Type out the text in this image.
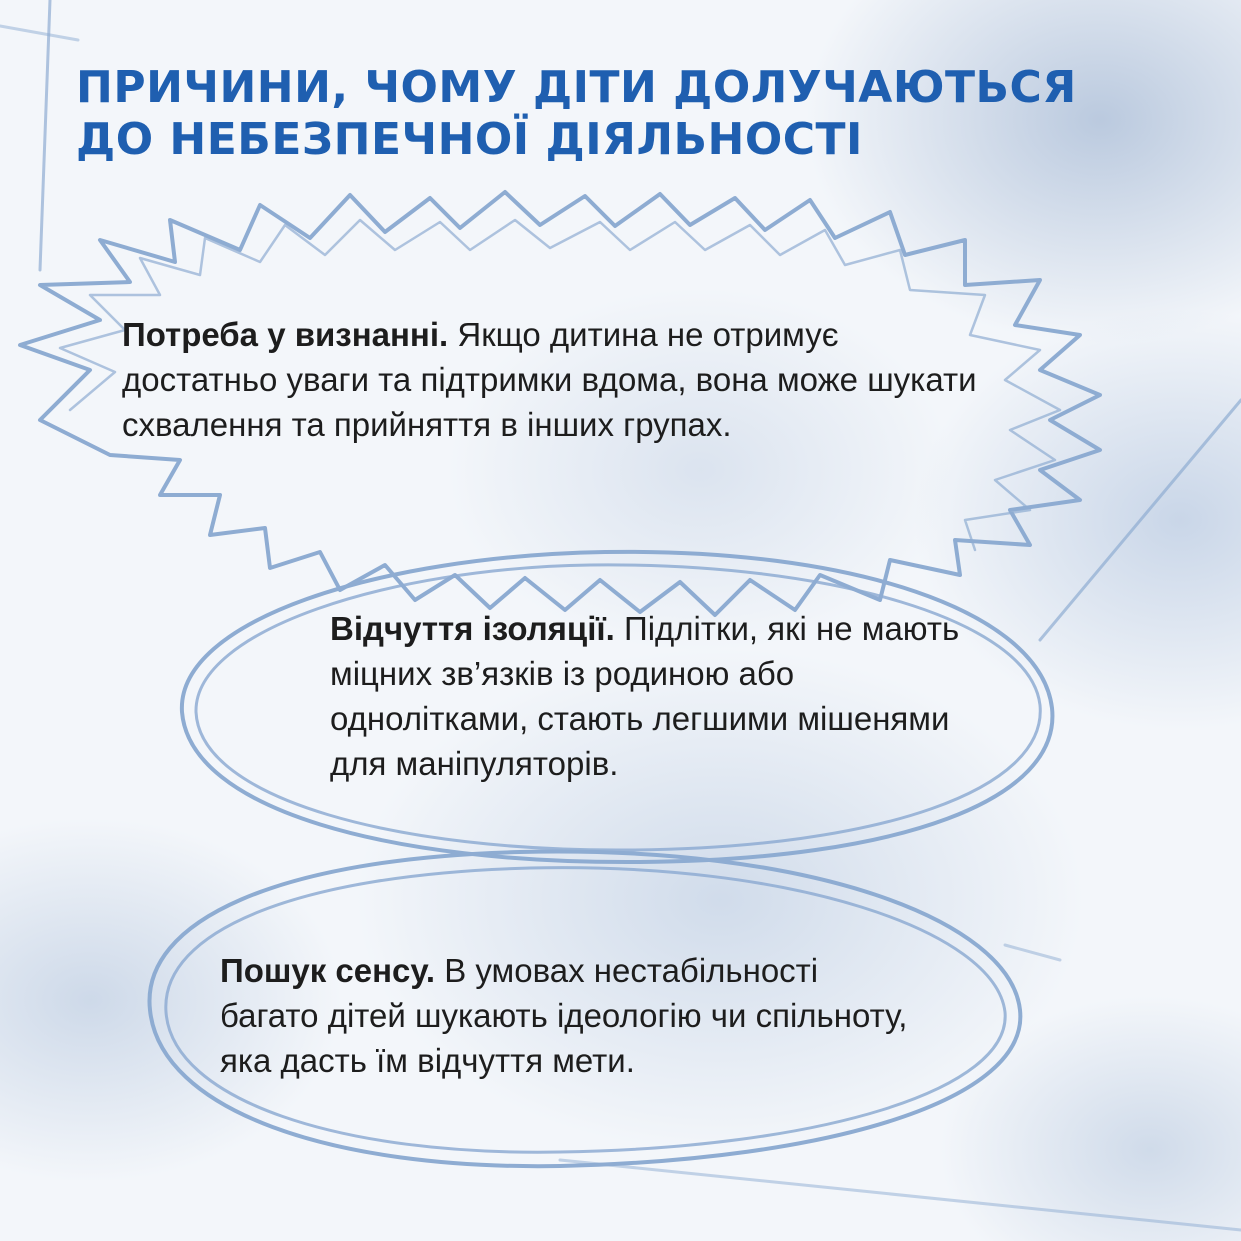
ПРИЧИНИ, ЧОМУ ДІТИ ДОЛУЧАЮТЬСЯ
ДО НЕБЕЗПЕЧНОЇ ДІЯЛЬНОСТІ

Потреба у визнанні. Якщо дитина не отримує достатньо уваги та підтримки вдома, вона може шукати схвалення та прийняття в інших групах.

Відчуття ізоляції. Підлітки, які не мають міцних зв’язків із родиною або однолітками, стають легшими мішенями для маніпуляторів.

Пошук сенсу. В умовах нестабільності багато дітей шукають ідеологію чи спільноту, яка дасть їм відчуття мети.
